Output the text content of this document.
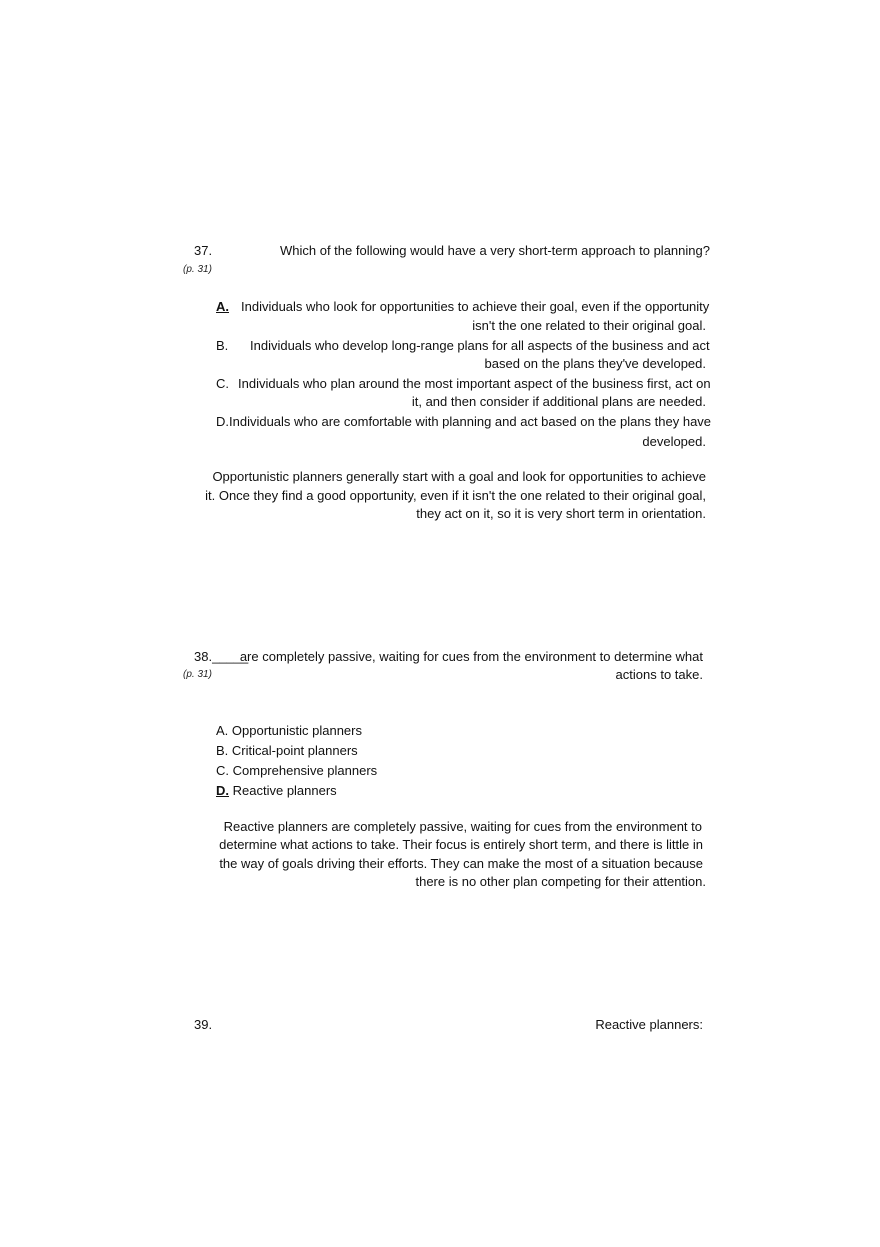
37.
(p. 31)
Which of the following would have a very short-term approach to planning?
A. Individuals who look for opportunities to achieve their goal, even if the opportunity
isn't the one related to their original goal.
B. Individuals who develop long-range plans for all aspects of the business and act
based on the plans they've developed.
C. Individuals who plan around the most important aspect of the business first, act on
it, and then consider if additional plans are needed.
D. Individuals who are comfortable with planning and act based on the plans they have
developed.
Opportunistic planners generally start with a goal and look for opportunities to achieve
it. Once they find a good opportunity, even if it isn't the one related to their original goal,
they act on it, so it is very short term in orientation.
38._____
(p. 31)
are completely passive, waiting for cues from the environment to determine what
actions to take.
A. Opportunistic planners
B. Critical-point planners
C. Comprehensive planners
D. Reactive planners
Reactive planners are completely passive, waiting for cues from the environment to
determine what actions to take. Their focus is entirely short term, and there is little in
the way of goals driving their efforts. They can make the most of a situation because
there is no other plan competing for their attention.
39.	Reactive planners:
